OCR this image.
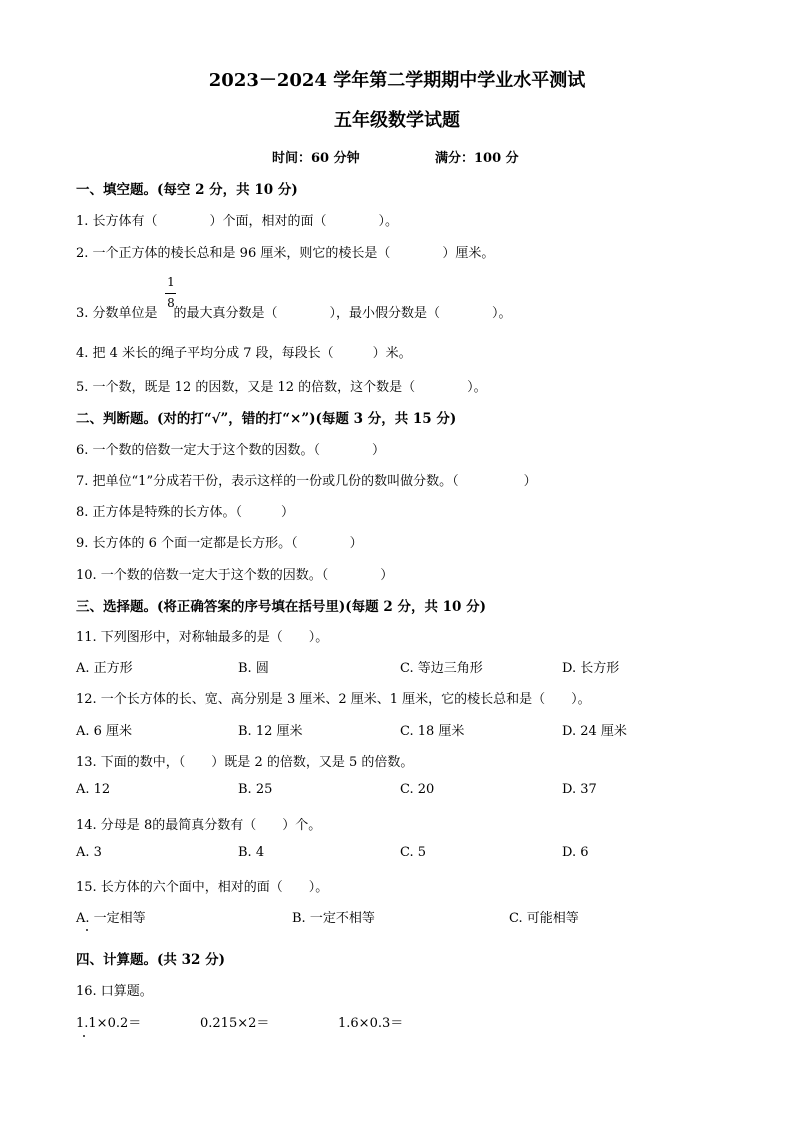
2023－2024 学年第二学期期中学业水平测试
五年级数学试题
时间：60 分钟	满分：100 分
一、填空题。(每空 2 分，共 10 分)
1. 长方体有（　　　　）个面，相对的面（　　　　）。
2. 一个正方体的棱长总和是 96 厘米，则它的棱长是（　　　　）厘米。
3. 分数单位是 的最大真分数是（　　　　），最小假分数是（　　　　）。
1
8
4. 把 4 米长的绳子平均分成 7 段，每段长（　　　）米。
5. 一个数，既是 12 的因数，又是 12 的倍数，这个数是（　　　　）。
二、判断题。(对的打“√”，错的打“×”)(每题 3 分，共 15 分)
6. 一个数的倍数一定大于这个数的因数。（　　　　）
7. 把单位“1”分成若干份，表示这样的一份或几份的数叫做分数。（　　　　　）
8. 正方体是特殊的长方体。（　　　）
9. 长方体的 6 个面一定都是长方形。（　　　　）
10. 一个数的倍数一定大于这个数的因数。（　　　　）
三、选择题。(将正确答案的序号填在括号里)(每题 2 分，共 10 分)
11. 下列图形中，对称轴最多的是（　　）。
A. 正方形	B. 圆	C. 等边三角形	D. 长方形
12. 一个长方体的长、宽、高分别是 3 厘米、2 厘米、1 厘米，它的棱长总和是（　　）。
A. 6 厘米	B. 12 厘米	C. 18 厘米	D. 24 厘米
13. 下面的数中，（　　）既是 2 的倍数，又是 5 的倍数。
A. 12	B. 25	C. 20	D. 37
14. 分母是 8的最简真分数有（　　）个。
A. 3	B. 4	C. 5	D. 6
15. 长方体的六个面中，相对的面（　　）。
A. 一定相等	B. 一定不相等	C. 可能相等
四、计算题。(共 32 分)
16. 口算题。
1.1×0.2＝	0.215×2＝	1.6×0.3＝
